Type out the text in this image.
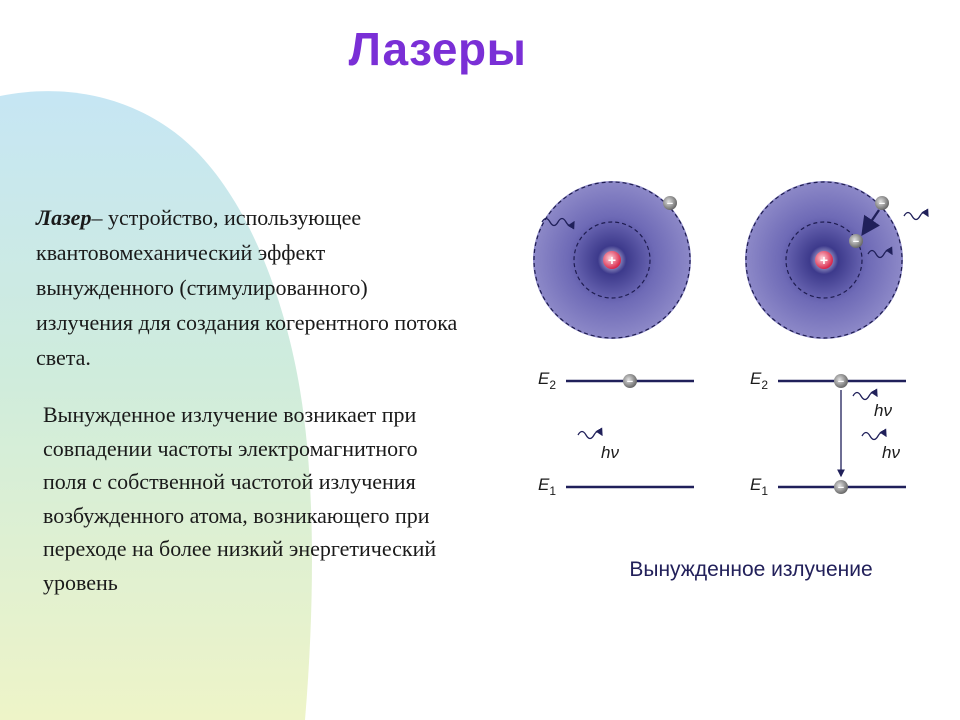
Лазеры
Лазер– устройство, использующее квантовомеханический эффект вынужденного (стимулированного) излучения для создания когерентного потока света.
Вынужденное излучение возникает при совпадении частоты электромагнитного поля с собственной частотой излучения возбужденного атома, возникающего при переходе на более низкий энергетический уровень
+
−
+
−
−
$E_2$	−
hν
$E_1$
$E_2$	−
hν
hν
$E_1$	−
Вынужденное излучение
